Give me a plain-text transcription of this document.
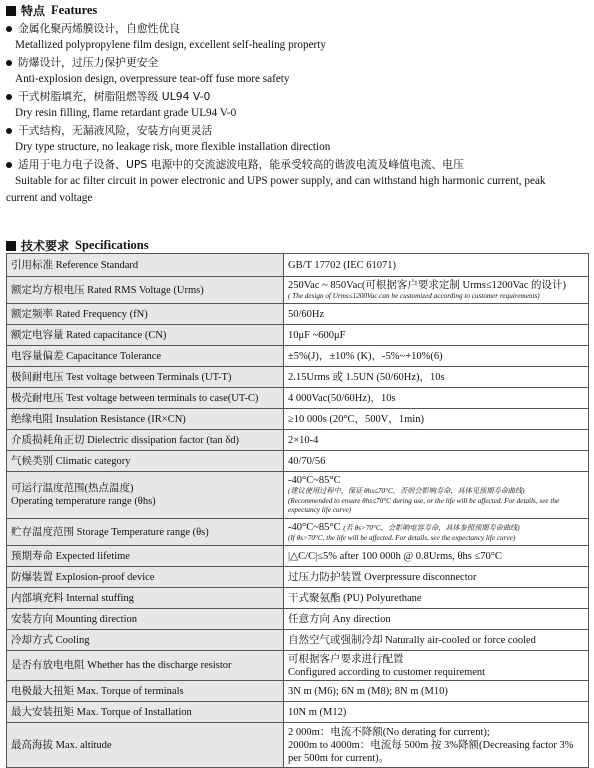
特点 Features
金属化聚丙烯膜设计，自愈性优良
Metallized polypropylene film design, excellent self-healing property
防爆设计，过压力保护更安全
Anti-explosion design, overpressure tear-off fuse more safety
干式树脂填充，树脂阻燃等级 UL94 V-0
Dry resin filling, flame retardant grade UL94 V-0
干式结构，无漏液风险，安装方向更灵活
Dry type structure, no leakage risk, more flexible installation direction
适用于电力电子设备、UPS 电源中的交流滤波电路，能承受较高的谐波电流及峰值电流、电压
Suitable for ac filter circuit in power electronic and UPS power supply, and can withstand high harmonic current, peak
current and voltage
技术要求 Specifications
引用标准 Reference Standard	GB/T 17702 (IEC 61071)
额定均方根电压 Rated RMS Voltage (Urms)	250Vac ~ 850Vac(可根据客户要求定制 Urms≤1200Vac 的设计)
( The design of Urms≤1200Vac can be customized according to customer requirements)

额定频率 Rated Frequency (fN)	50/60Hz
额定电容量 Rated capacitance (CN)	10μF ~600μF
电容量偏差 Capacitance Tolerance	±5%(J)，±10% (K)，-5%~+10%(6)
极间耐电压 Test voltage between Terminals (UT-T)	2.15Urms 或 1.5UN (50/60Hz)，10s
极壳耐电压 Test voltage between terminals to case(UT-C)	4 000Vac(50/60Hz)，10s
绝缘电阻 Insulation Resistance (IR×CN)	≥10 000s (20°C，500V，1min)
介质损耗角正切 Dielectric dissipation factor (tan δd)	2×10-4
气候类别 Climatic category	40/70/56

可运行温度范围(热点温度)
Operating temperature range (θhs)	-40°C~85°C
(建议使用过程中，保证 θhs≤70°C，否则会影响寿命，具体见预期寿命曲线)
(Recommended to ensure θhs≤70°C during use, or the life will be affected. For details, see the expectancy life curve)

贮存温度范围 Storage Temperature range (θs)	-40°C~85°C (若 θs>70°C，会影响电容寿命，具体参照预期寿命曲线)
(If θs>70°C, the life will be affected. For details, see the expectancy life curve)

预期寿命 Expected lifetime	|△C/C|≤5% after 100 000h @ 0.8Urms, θhs ≤70°C
防爆装置 Explosion-proof device	过压力防护装置 Overpressure disconnector
内部填充料 Internal stuffing	干式聚氨酯 (PU) Polyurethane
安装方向 Mounting direction	任意方向 Any direction
冷却方式 Cooling	自然空气或强制冷却 Naturally air-cooled or force cooled
是否有放电电阻 Whether has the discharge resistor	可根据客户要求进行配置
Configured according to customer requirement

电极最大扭矩 Max. Torque of terminals	3N m (M6); 6N m (M8); 8N m (M10)
最大安装扭矩 Max. Torque of Installation	10N m (M12)
最高海拔 Max. altitude	2 000m：电流不降额(No derating for current);
2000m to 4000m：电流每 500m 按 3%降额(Decreasing factor 3%
per 500m for current)。
